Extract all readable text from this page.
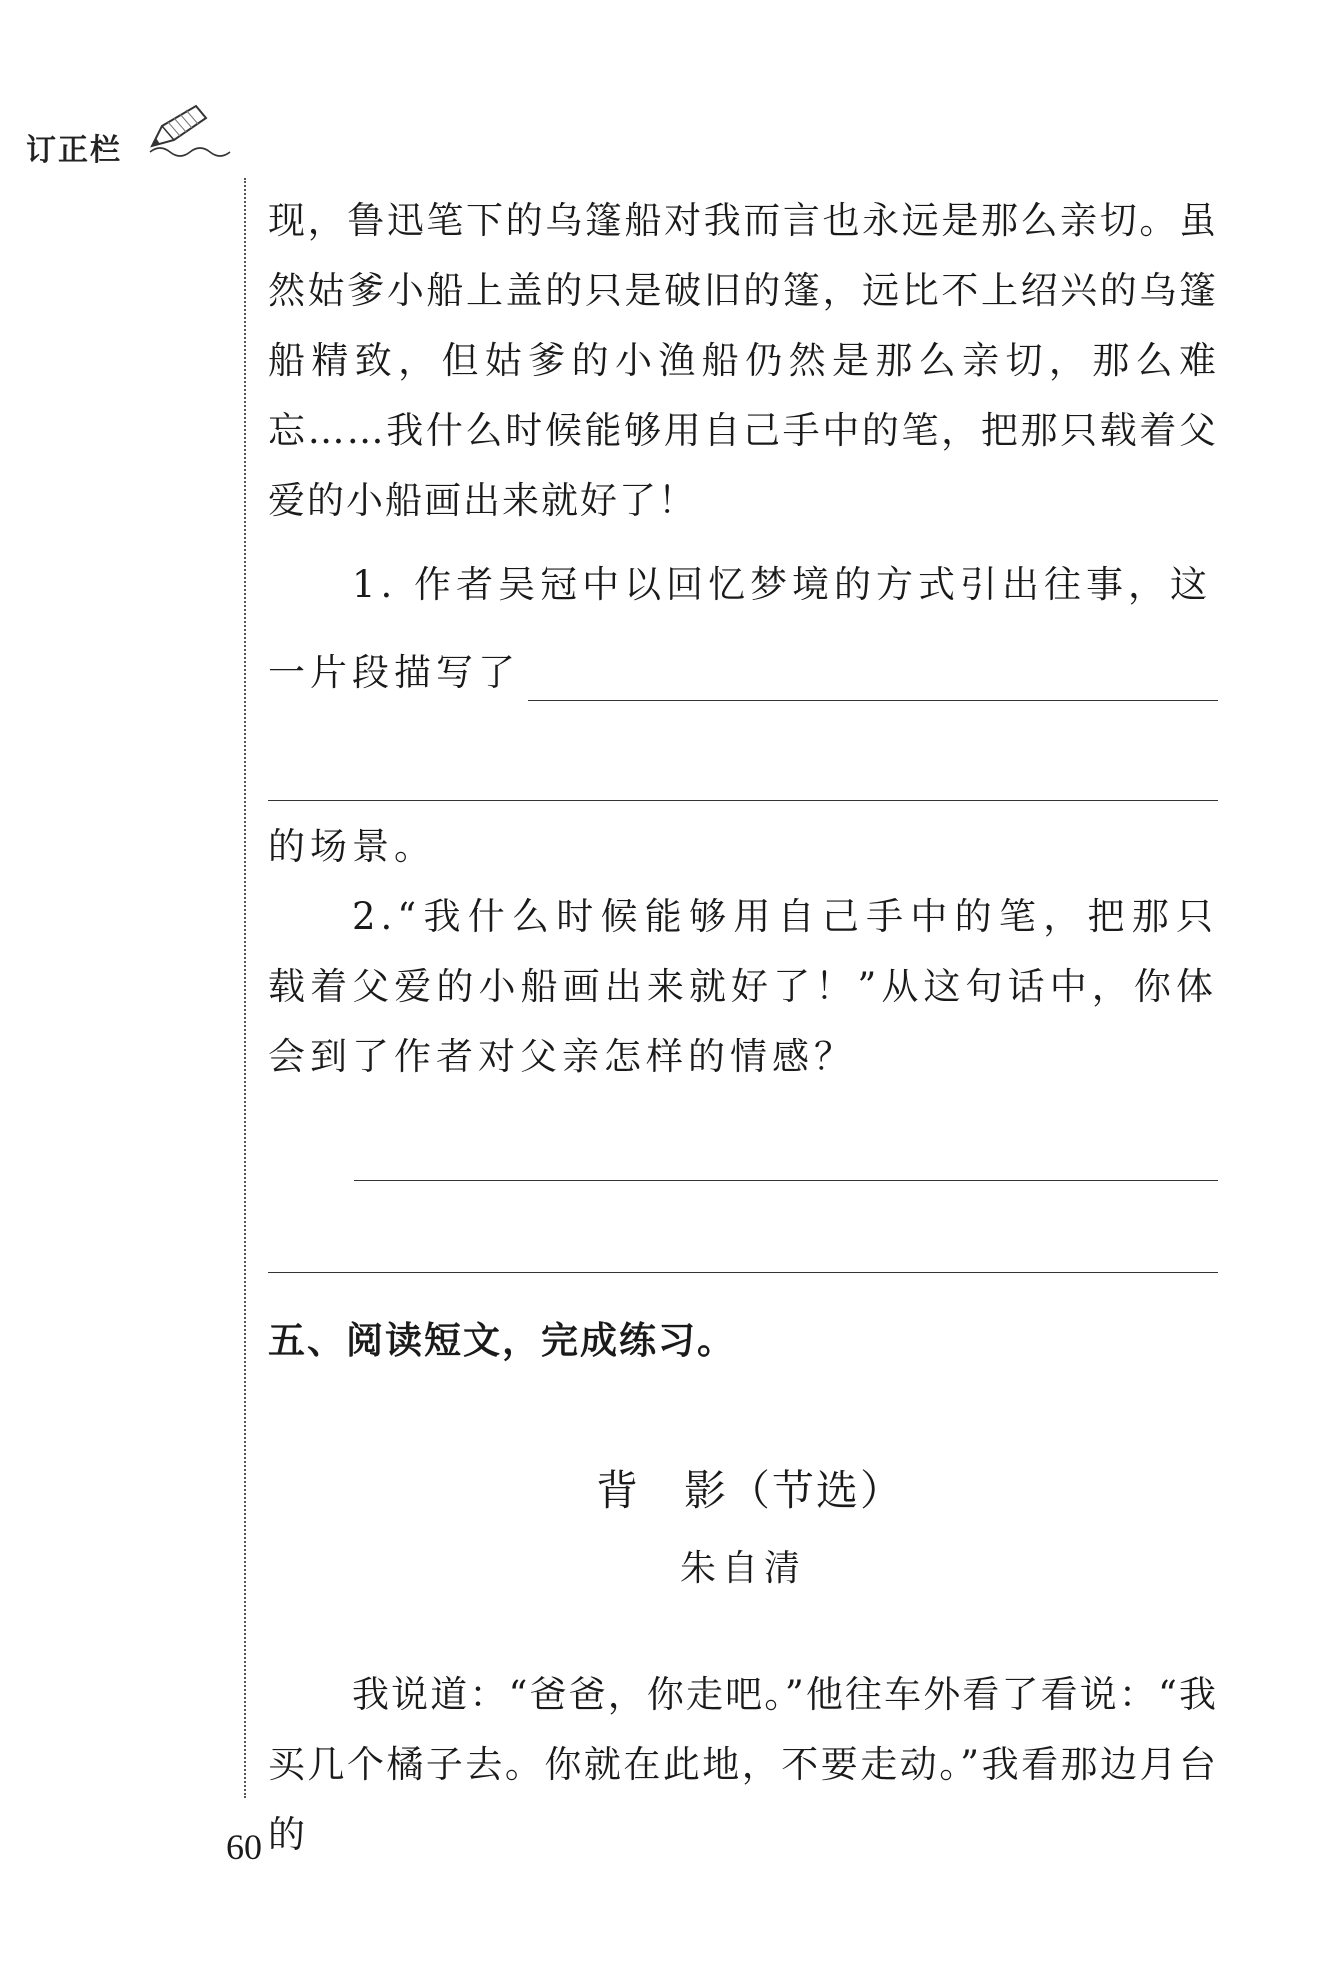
订正栏

现，鲁迅笔下的乌篷船对我而言也永远是那么亲切。虽然姑爹小船上盖的只是破旧的篷，远比不上绍兴的乌篷船精致，但姑爹的小渔船仍然是那么亲切，那么难忘……我什么时候能够用自己手中的笔，把那只载着父爱的小船画出来就好了！

1. 作者吴冠中以回忆梦境的方式引出往事，这

一片段描写了

的场景。

2.“我什么时候能够用自己手中的笔，把那只载着父爱的小船画出来就好了！”从这句话中，你体会到了作者对父亲怎样的情感？

五、阅读短文，完成练习。
背　影（节选）
朱自清

我说道：“爸爸，你走吧。”他往车外看了看说：“我买几个橘子去。你就在此地，不要走动。”我看那边月台的

60
